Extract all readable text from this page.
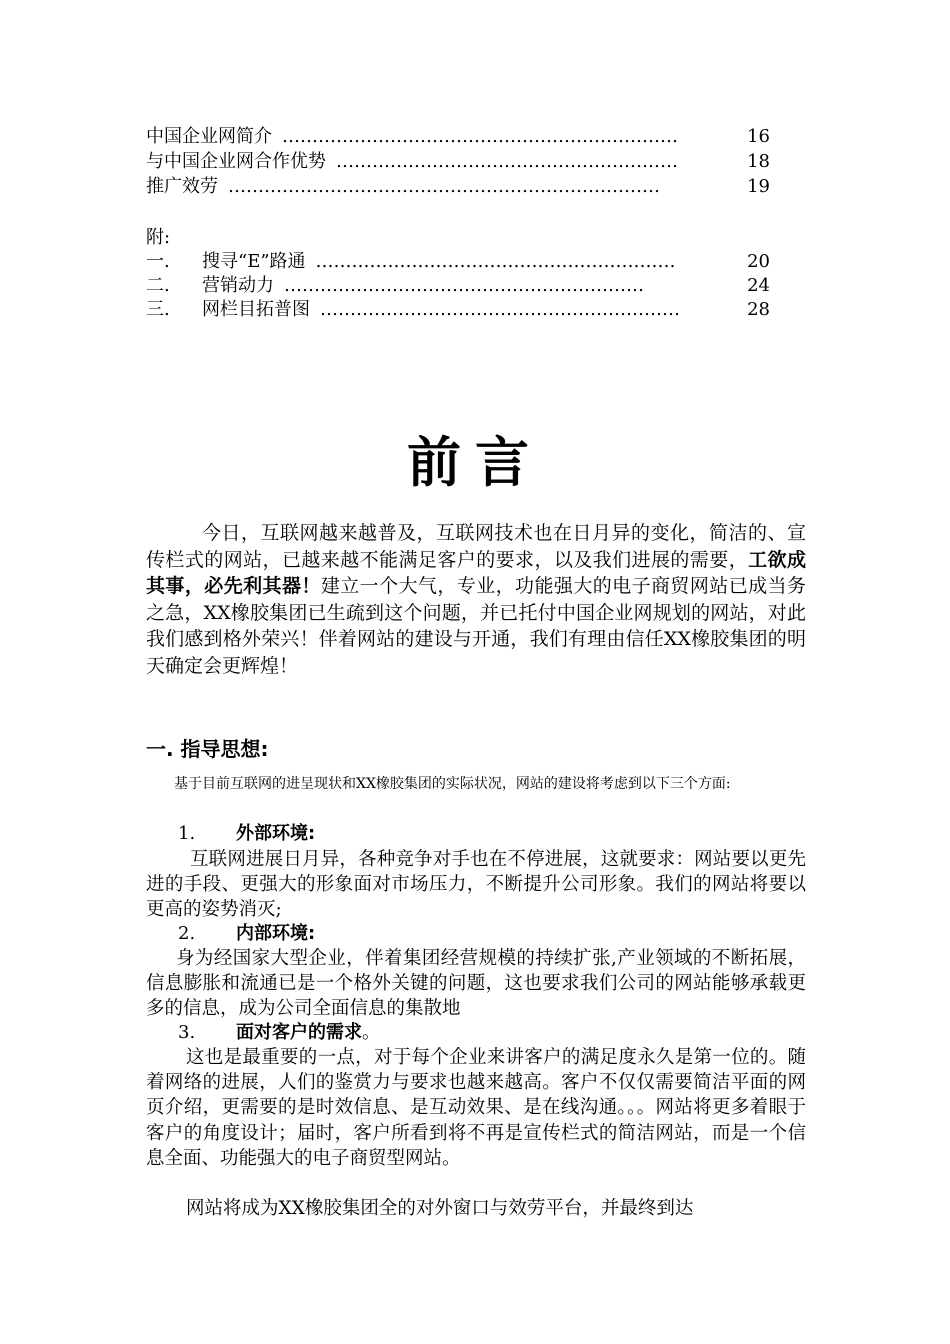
中国企业网简介 …………………………………………………………	16
与中国企业网合作优势 …………………………………………………	18
推广效劳 ………………………………………………………………	19
附:
一.	搜寻“E”路通 ……………………………………………………	20
二.	营销动力 ……………………………………………………	24
三.	网栏目拓普图 ……………………………………………………	28
前言
今日，互联网越来越普及，互联网技术也在日月异的变化，简洁的、宣传栏式的网站，已越来越不能满足客户的要求，以及我们进展的需要，工欲成其事，必先利其器！建立一个大气，专业，功能强大的电子商贸网站已成当务之急，XX橡胶集团已生疏到这个问题，并已托付中国企业网规划的网站，对此我们感到格外荣兴！伴着网站的建设与开通，我们有理由信任XX橡胶集团的明天确定会更辉煌！
一. 指导思想:
基于目前互联网的进呈现状和XX橡胶集团的实际状况，网站的建设将考虑到以下三个方面:
1.	外部环境:
互联网进展日月异，各种竞争对手也在不停进展，这就要求：网站要以更先进的手段、更强大的形象面对市场压力，不断提升公司形象。我们的网站将要以更高的姿势消灭;
2.	内部环境:
身为经国家大型企业，伴着集团经营规模的持续扩张,产业领域的不断拓展，信息膨胀和流通已是一个格外关键的问题，这也要求我们公司的网站能够承载更多的信息，成为公司全面信息的集散地
3.	面对客户的需求 。
这也是最重要的一点，对于每个企业来讲客户的满足度永久是第一位的。随着网络的进展，人们的鉴赏力与要求也越来越高。客户不仅仅需要简洁平面的网页介绍，更需要的是时效信息、是互动效果、是在线沟通。。。网站将更多着眼于客户的角度设计；届时，客户所看到将不再是宣传栏式的简洁网站，而是一个信息全面、功能强大的电子商贸型网站。
网站将成为XX橡胶集团全的对外窗口与效劳平台，并最终到达
